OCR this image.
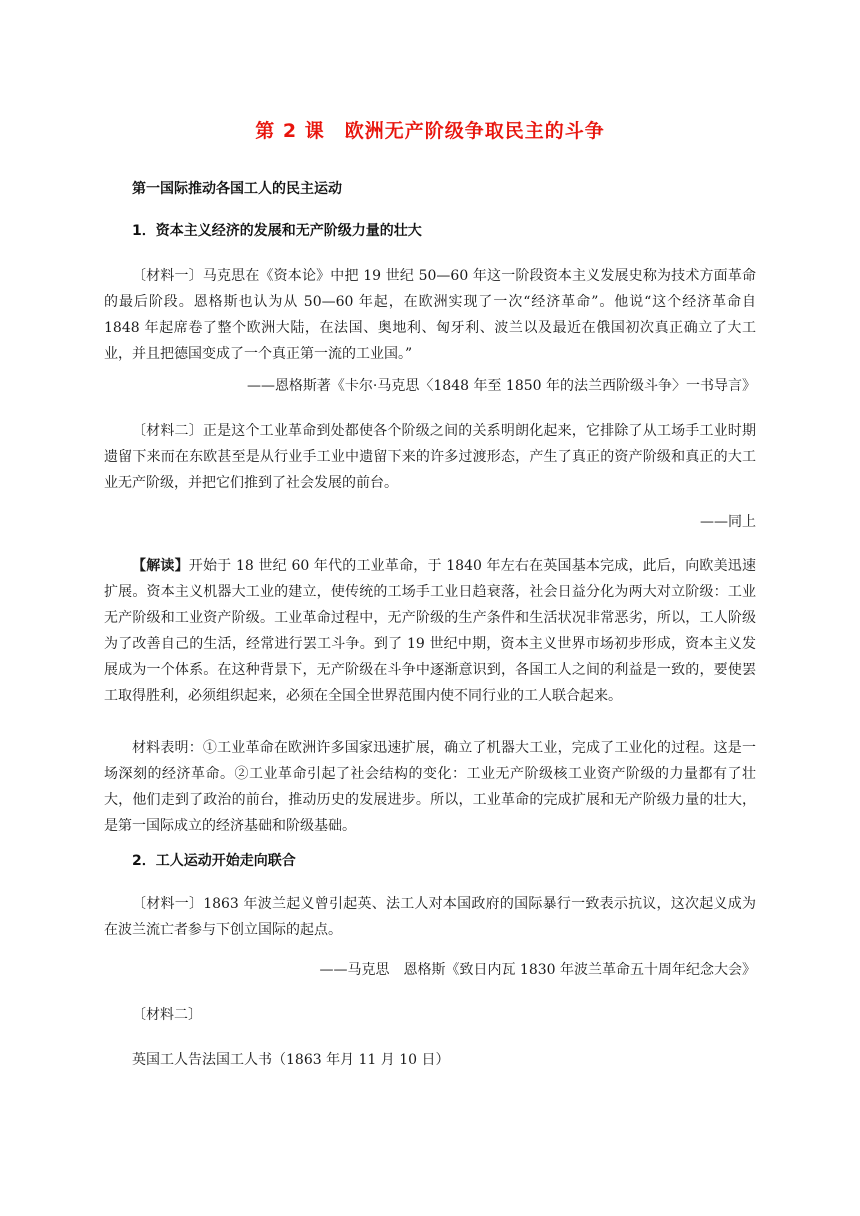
第 2 课　欧洲无产阶级争取民主的斗争
第一国际推动各国工人的民主运动
1．资本主义经济的发展和无产阶级力量的壮大
〔材料一〕马克思在《资本论》中把 19 世纪 50—60 年这一阶段资本主义发展史称为技术方面革命的最后阶段。恩格斯也认为从 50—60 年起，在欧洲实现了一次“经济革命”。他说“这个经济革命自 1848 年起席卷了整个欧洲大陆，在法国、奥地利、匈牙利、波兰以及最近在俄国初次真正确立了大工业，并且把德国变成了一个真正第一流的工业国。”
——恩格斯著《卡尔·马克思〈1848 年至 1850 年的法兰西阶级斗争〉一书导言》
〔材料二〕正是这个工业革命到处都使各个阶级之间的关系明朗化起来，它排除了从工场手工业时期遗留下来而在东欧甚至是从行业手工业中遗留下来的许多过渡形态，产生了真正的资产阶级和真正的大工业无产阶级，并把它们推到了社会发展的前台。
——同上
【解读】开始于 18 世纪 60 年代的工业革命，于 1840 年左右在英国基本完成，此后，向欧美迅速扩展。资本主义机器大工业的建立，使传统的工场手工业日趋衰落，社会日益分化为两大对立阶级：工业无产阶级和工业资产阶级。工业革命过程中，无产阶级的生产条件和生活状况非常恶劣，所以，工人阶级为了改善自己的生活，经常进行罢工斗争。到了 19 世纪中期，资本主义世界市场初步形成，资本主义发展成为一个体系。在这种背景下，无产阶级在斗争中逐渐意识到，各国工人之间的利益是一致的，要使罢工取得胜利，必须组织起来，必须在全国全世界范围内使不同行业的工人联合起来。
材料表明：①工业革命在欧洲许多国家迅速扩展，确立了机器大工业，完成了工业化的过程。这是一场深刻的经济革命。②工业革命引起了社会结构的变化：工业无产阶级核工业资产阶级的力量都有了壮大，他们走到了政治的前台，推动历史的发展进步。所以，工业革命的完成扩展和无产阶级力量的壮大，是第一国际成立的经济基础和阶级基础。
2．工人运动开始走向联合
〔材料一〕1863 年波兰起义曾引起英、法工人对本国政府的国际暴行一致表示抗议，这次起义成为在波兰流亡者参与下创立国际的起点。
——马克思　恩格斯《致日内瓦 1830 年波兰革命五十周年纪念大会》
〔材料二〕
英国工人告法国工人书（1863 年月 11 月 10 日）
